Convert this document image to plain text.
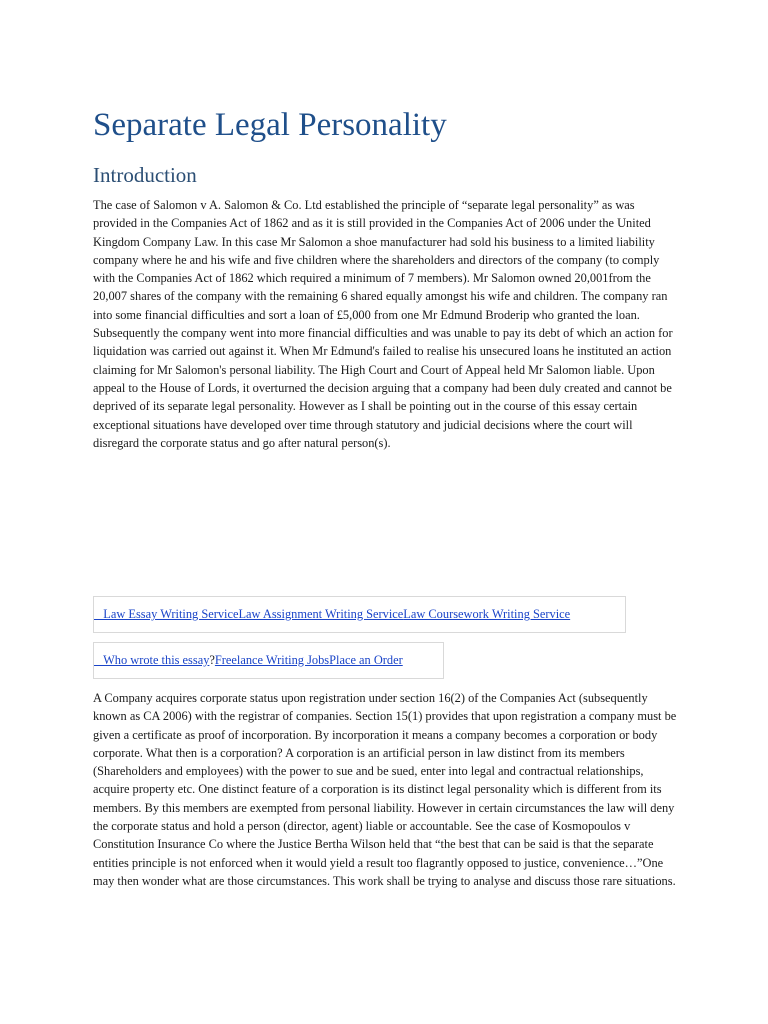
Separate Legal Personality
Introduction

The case of Salomon v A. Salomon & Co. Ltd established the principle of “separate legal personality” as was provided in the Companies Act of 1862 and as it is still provided in the Companies Act of 2006 under the United Kingdom Company Law. In this case Mr Salomon a shoe manufacturer had sold his business to a limited liability company where he and his wife and five children where the shareholders and directors of the company (to comply with the Companies Act of 1862 which required a minimum of 7 members). Mr Salomon owned 20,001from the 20,007 shares of the company with the remaining 6 shared equally amongst his wife and children. The company ran into some financial difficulties and sort a loan of £5,000 from one Mr Edmund Broderip who granted the loan. Subsequently the company went into more financial difficulties and was unable to pay its debt of which an action for liquidation was carried out against it. When Mr Edmund's failed to realise his unsecured loans he instituted an action claiming for Mr Salomon's personal liability. The High Court and Court of Appeal held Mr Salomon liable. Upon appeal to the House of Lords, it overturned the decision arguing that a company had been duly created and cannot be deprived of its separate legal personality. However as I shall be pointing out in the course of this essay certain exceptional situations have developed over time through statutory and judicial decisions where the court will disregard the corporate status and go after natural person(s).

Law Essay Writing ServiceLaw Assignment Writing ServiceLaw Coursework Writing Service
Who wrote this essay?Freelance Writing JobsPlace an Order

A Company acquires corporate status upon registration under section 16(2) of the Companies Act (subsequently known as CA 2006) with the registrar of companies. Section 15(1) provides that upon registration a company must be given a certificate as proof of incorporation. By incorporation it means a company becomes a corporation or body corporate. What then is a corporation? A corporation is an artificial person in law distinct from its members (Shareholders and employees) with the power to sue and be sued, enter into legal and contractual relationships, acquire property etc. One distinct feature of a corporation is its distinct legal personality which is different from its members. By this members are exempted from personal liability. However in certain circumstances the law will deny the corporate status and hold a person (director, agent) liable or accountable. See the case of Kosmopoulos v Constitution Insurance Co where the Justice Bertha Wilson held that “the best that can be said is that the separate entities principle is not enforced when it would yield a result too flagrantly opposed to justice, convenience…”One may then wonder what are those circumstances. This work shall be trying to analyse and discuss those rare situations.
